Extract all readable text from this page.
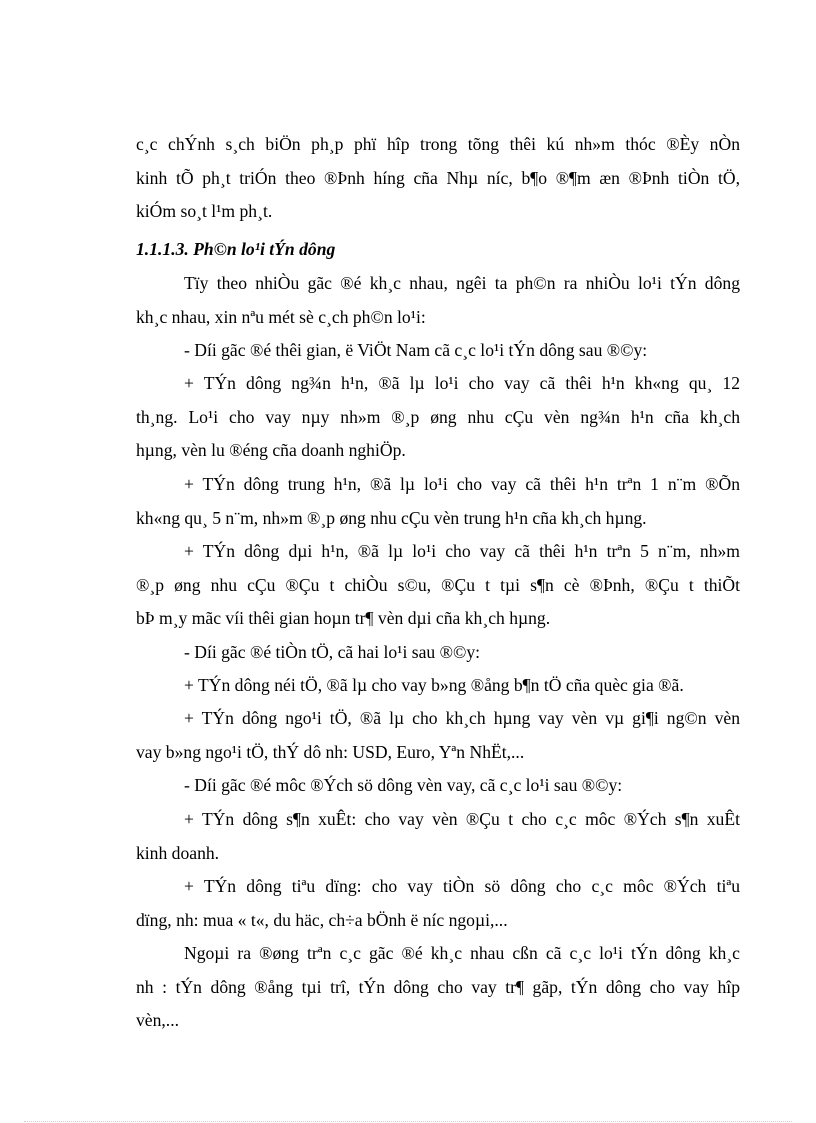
c¸c chÝnh s¸ch biÖn ph¸p phï hîp trong tõng thêi kú nh»m thóc ®Èy nÒn
kinh tÕ ph¸t triÓn theo ®Þnh híng cña Nhµ níc, b¶o ®¶m æn ®Þnh tiÒn tÖ,
kiÓm so¸t l¹m ph¸t.
1.1.1.3. Ph©n lo¹i tÝn dông
Tïy theo nhiÒu gãc ®é kh¸c nhau, ngêi ta ph©n ra nhiÒu lo¹i tÝn dông
kh¸c nhau, xin nªu mét sè c¸ch ph©n lo¹i:
- Díi gãc ®é thêi gian, ë ViÖt Nam cã c¸c lo¹i tÝn dông sau ®©y:
+ TÝn dông ng¾n h¹n, ®ã lµ lo¹i cho vay cã thêi h¹n kh«ng qu¸ 12
th¸ng. Lo¹i cho vay nµy nh»m ®¸p øng nhu cÇu vèn ng¾n h¹n cña kh¸ch
hµng, vèn lu ®éng cña doanh nghiÖp.
+ TÝn dông trung h¹n, ®ã lµ lo¹i cho vay cã thêi h¹n trªn 1 n¨m ®Õn
kh«ng qu¸ 5 n¨m, nh»m ®¸p øng nhu cÇu vèn trung h¹n cña kh¸ch hµng.
+ TÝn dông dµi h¹n, ®ã lµ lo¹i cho vay cã thêi h¹n trªn 5 n¨m, nh»m
®¸p øng nhu cÇu ®Çu t chiÒu s©u, ®Çu t tµi s¶n cè ®Þnh, ®Çu t thiÕt
bÞ m¸y mãc víi thêi gian hoµn tr¶ vèn dµi cña kh¸ch hµng.
- Díi gãc ®é tiÒn tÖ, cã hai lo¹i sau ®©y:
+ TÝn dông néi tÖ, ®ã lµ cho vay b»ng ®ång b¶n tÖ cña quèc gia ®ã.
+ TÝn dông ngo¹i tÖ, ®ã lµ cho kh¸ch hµng vay vèn vµ gi¶i ng©n vèn
vay b»ng ngo¹i tÖ, thÝ dô nh: USD, Euro, Yªn NhËt,...
- Díi gãc ®é môc ®Ých sö dông vèn vay, cã c¸c lo¹i sau ®©y:
+ TÝn dông s¶n xuÊt: cho vay vèn ®Çu t cho c¸c môc ®Ých s¶n xuÊt
kinh doanh.
+ TÝn dông tiªu dïng: cho vay tiÒn sö dông cho c¸c môc ®Ých tiªu
dïng, nh: mua « t«, du häc, ch÷a bÖnh ë níc ngoµi,...
Ngoµi ra ®øng trªn c¸c gãc ®é kh¸c nhau cßn cã c¸c lo¹i tÝn dông kh¸c
nh : tÝn dông ®ång tµi trî, tÝn dông cho vay tr¶ gãp, tÝn dông cho vay hîp
vèn,...
